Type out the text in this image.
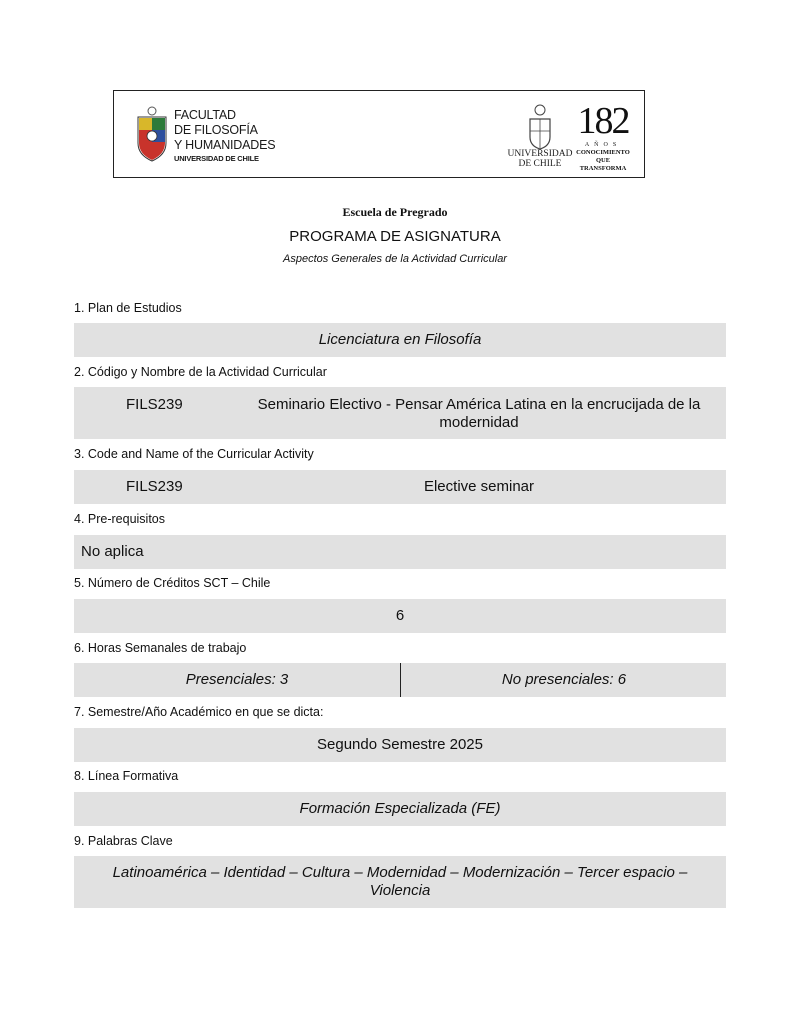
FACULTAD
DE FILOSOFÍA
Y HUMANIDADES
UNIVERSIDAD DE CHILE	UNIVERSIDAD
DE CHILE
182
AÑOS
CONOCIMIENTO
QUE TRANSFORMA
Escuela de Pregrado
PROGRAMA DE ASIGNATURA
Aspectos Generales de la Actividad Curricular
1. Plan de Estudios
Licenciatura en Filosofía
2. Código y Nombre de la Actividad Curricular
FILS239	Seminario Electivo - Pensar América Latina en la encrucijada de la
modernidad
3. Code and Name of the Curricular Activity
FILS239	Elective seminar
4. Pre-requisitos
No aplica
5. Número de Créditos SCT – Chile
6
6. Horas Semanales de trabajo
Presenciales: 3	No presenciales: 6
7. Semestre/Año Académico en que se dicta:
Segundo Semestre 2025
8. Línea Formativa
Formación Especializada (FE)
9. Palabras Clave
Latinoamérica – Identidad – Cultura – Modernidad – Modernización – Tercer espacio –
Violencia
